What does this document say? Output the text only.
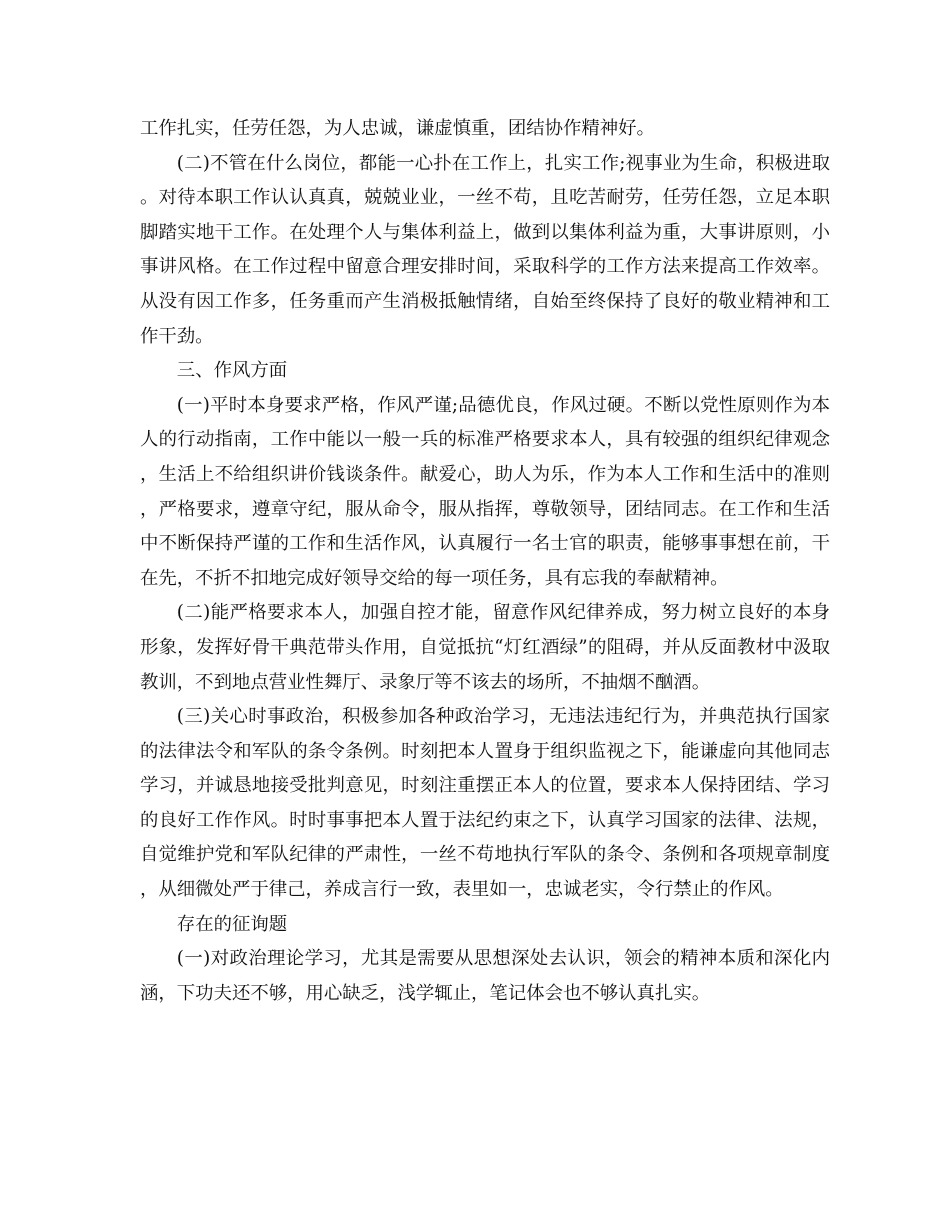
工作扎实，任劳任怨，为人忠诚，谦虚慎重，团结协作精神好。

(二)不管在什么岗位，都能一心扑在工作上，扎实工作;视事业为生命，积极进取。对待本职工作认认真真，兢兢业业，一丝不苟，且吃苦耐劳，任劳任怨，立足本职脚踏实地干工作。在处理个人与集体利益上，做到以集体利益为重，大事讲原则，小事讲风格。在工作过程中留意合理安排时间，采取科学的工作方法来提高工作效率。从没有因工作多，任务重而产生消极抵触情绪，自始至终保持了良好的敬业精神和工作干劲。

三、作风方面

(一)平时本身要求严格，作风严谨;品德优良，作风过硬。不断以党性原则作为本人的行动指南，工作中能以一般一兵的标准严格要求本人，具有较强的组织纪律观念，生活上不给组织讲价钱谈条件。献爱心，助人为乐，作为本人工作和生活中的准则，严格要求，遵章守纪，服从命令，服从指挥，尊敬领导，团结同志。在工作和生活中不断保持严谨的工作和生活作风，认真履行一名士官的职责，能够事事想在前，干在先，不折不扣地完成好领导交给的每一项任务，具有忘我的奉献精神。

(二)能严格要求本人，加强自控才能，留意作风纪律养成，努力树立良好的本身形象，发挥好骨干典范带头作用，自觉抵抗“灯红酒绿”的阻碍，并从反面教材中汲取教训，不到地点营业性舞厅、录象厅等不该去的场所，不抽烟不酗酒。

(三)关心时事政治，积极参加各种政治学习，无违法违纪行为，并典范执行国家的法律法令和军队的条令条例。时刻把本人置身于组织监视之下，能谦虚向其他同志学习，并诚恳地接受批判意见，时刻注重摆正本人的位置，要求本人保持团结、学习的良好工作作风。时时事事把本人置于法纪约束之下，认真学习国家的法律、法规，自觉维护党和军队纪律的严肃性，一丝不苟地执行军队的条令、条例和各项规章制度，从细微处严于律己，养成言行一致，表里如一，忠诚老实，令行禁止的作风。

存在的征询题

(一)对政治理论学习，尤其是需要从思想深处去认识，领会的精神本质和深化内涵，下功夫还不够，用心缺乏，浅学辄止，笔记体会也不够认真扎实。
